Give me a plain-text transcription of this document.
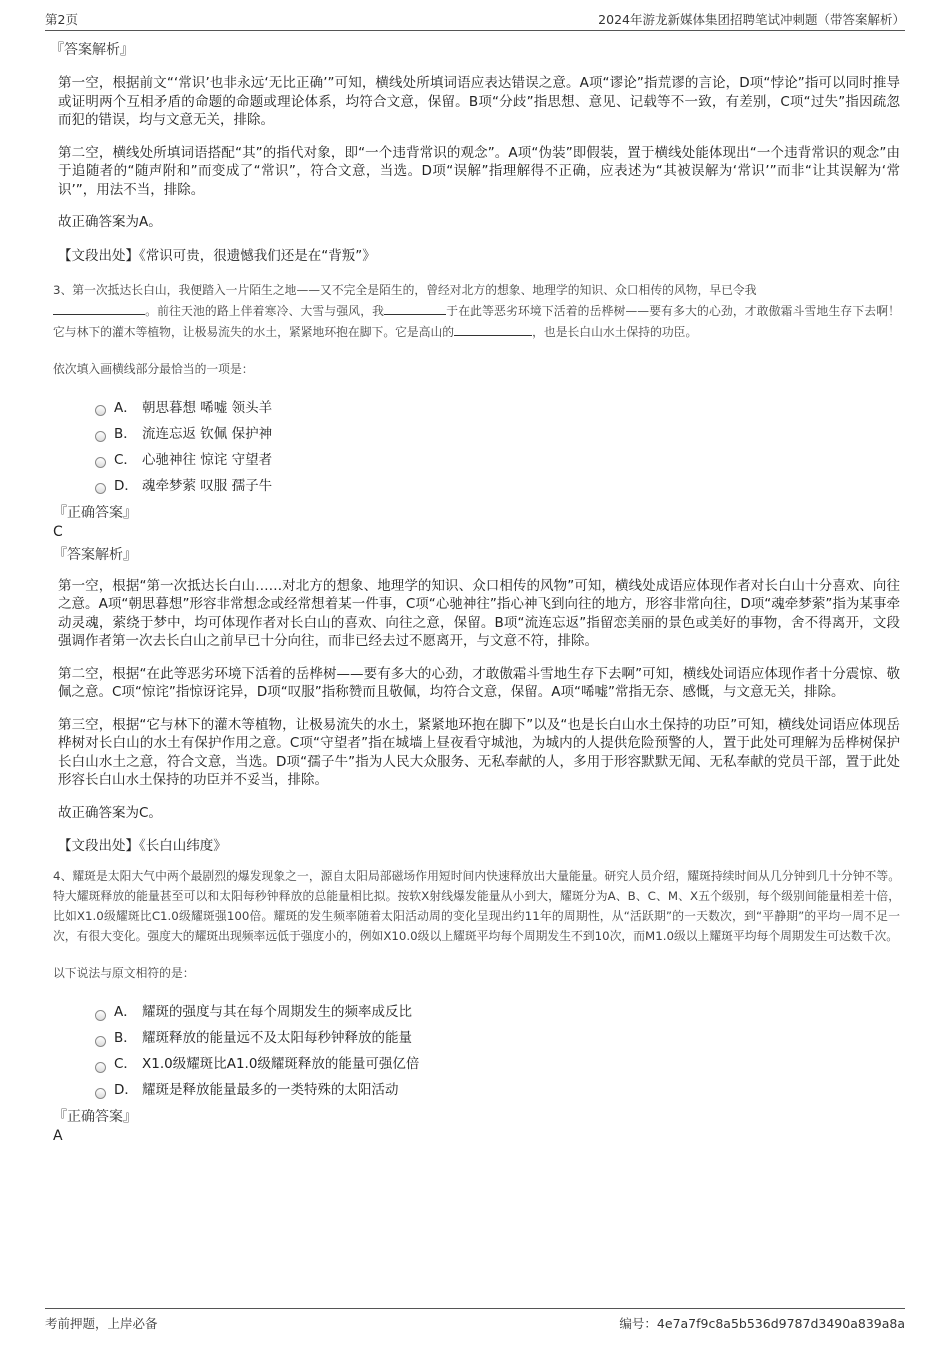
第2页	2024年游龙新媒体集团招聘笔试冲刺题（带答案解析）

『答案解析』

第一空，根据前文“‘常识’也非永远‘无比正确’”可知，横线处所填词语应表达错误之意。A项“谬论”指荒谬的言论，D项“悖论”指可以同时推导或证明两个互相矛盾的命题的命题或理论体系，均符合文意，保留。B项“分歧”指思想、意见、记载等不一致，有差别，C项“过失”指因疏忽而犯的错误，均与文意无关，排除。

第二空，横线处所填词语搭配“其”的指代对象，即“一个违背常识的观念”。A项“伪装”即假装，置于横线处能体现出“一个违背常识的观念”由于追随者的“随声附和”而变成了“常识”，符合文意，当选。D项“误解”指理解得不正确，应表述为“其被误解为‘常识’”而非“让其误解为‘常识’”，用法不当，排除。

故正确答案为A。

【文段出处】《常识可贵，很遗憾我们还是在“背叛”》

3、第一次抵达长白山，我便踏入一片陌生之地——又不完全是陌生的，曾经对北方的想象、地理学的知识、众口相传的风物，早已令我
。前往天池的路上伴着寒冷、大雪与强风，我	于在此等恶劣环境下活着的岳桦树——要有多大的心劲，才敢傲霜斗雪地生存下去啊！它与林下的灌木等植物，让极易流失的水土，紧紧地环抱在脚下。它是高山的	，也是长白山水土保持的功臣。

依次填入画横线部分最恰当的一项是：

A． 朝思暮想 唏嘘 领头羊
B． 流连忘返 钦佩 保护神
C． 心驰神往 惊诧 守望者
D． 魂牵梦萦 叹服 孺子牛

『正确答案』

C

『答案解析』

第一空，根据“第一次抵达长白山……对北方的想象、地理学的知识、众口相传的风物”可知，横线处成语应体现作者对长白山十分喜欢、向往之意。A项“朝思暮想”形容非常想念或经常想着某一件事，C项“心驰神往”指心神飞到向往的地方，形容非常向往，D项“魂牵梦萦”指为某事牵动灵魂，萦绕于梦中，均可体现作者对长白山的喜欢、向往之意，保留。B项“流连忘返”指留恋美丽的景色或美好的事物，舍不得离开，文段强调作者第一次去长白山之前早已十分向往，而非已经去过不愿离开，与文意不符，排除。

第二空，根据“在此等恶劣环境下活着的岳桦树——要有多大的心劲，才敢傲霜斗雪地生存下去啊”可知，横线处词语应体现作者十分震惊、敬佩之意。C项“惊诧”指惊讶诧异，D项“叹服”指称赞而且敬佩，均符合文意，保留。A项“唏嘘”常指无奈、感慨，与文意无关，排除。

第三空，根据“它与林下的灌木等植物，让极易流失的水土，紧紧地环抱在脚下”以及“也是长白山水土保持的功臣”可知，横线处词语应体现岳桦树对长白山的水土有保护作用之意。C项“守望者”指在城墙上昼夜看守城池，为城内的人提供危险预警的人，置于此处可理解为岳桦树保护长白山水土之意，符合文意，当选。D项“孺子牛”指为人民大众服务、无私奉献的人，多用于形容默默无闻、无私奉献的党员干部，置于此处形容长白山水土保持的功臣并不妥当，排除。

故正确答案为C。

【文段出处】《长白山纬度》

4、耀斑是太阳大气中两个最剧烈的爆发现象之一，源自太阳局部磁场作用短时间内快速释放出大量能量。研究人员介绍，耀斑持续时间从几分钟到几十分钟不等。特大耀斑释放的能量甚至可以和太阳每秒钟释放的总能量相比拟。按软X射线爆发能量从小到大，耀斑分为A、B、C、M、X五个级别，每个级别间能量相差十倍，比如X1.0级耀斑比C1.0级耀斑强100倍。耀斑的发生频率随着太阳活动周的变化呈现出约11年的周期性，从“活跃期”的一天数次，到“平静期”的平均一周不足一次，有很大变化。强度大的耀斑出现频率远低于强度小的，例如X10.0级以上耀斑平均每个周期发生不到10次，而M1.0级以上耀斑平均每个周期发生可达数千次。

以下说法与原文相符的是：

A． 耀斑的强度与其在每个周期发生的频率成反比
B． 耀斑释放的能量远不及太阳每秒钟释放的能量
C． X1.0级耀斑比A1.0级耀斑释放的能量可强亿倍
D． 耀斑是释放能量最多的一类特殊的太阳活动

『正确答案』

A

考前押题，上岸必备	编号：4e7a7f9c8a5b536d9787d3490a839a8a
